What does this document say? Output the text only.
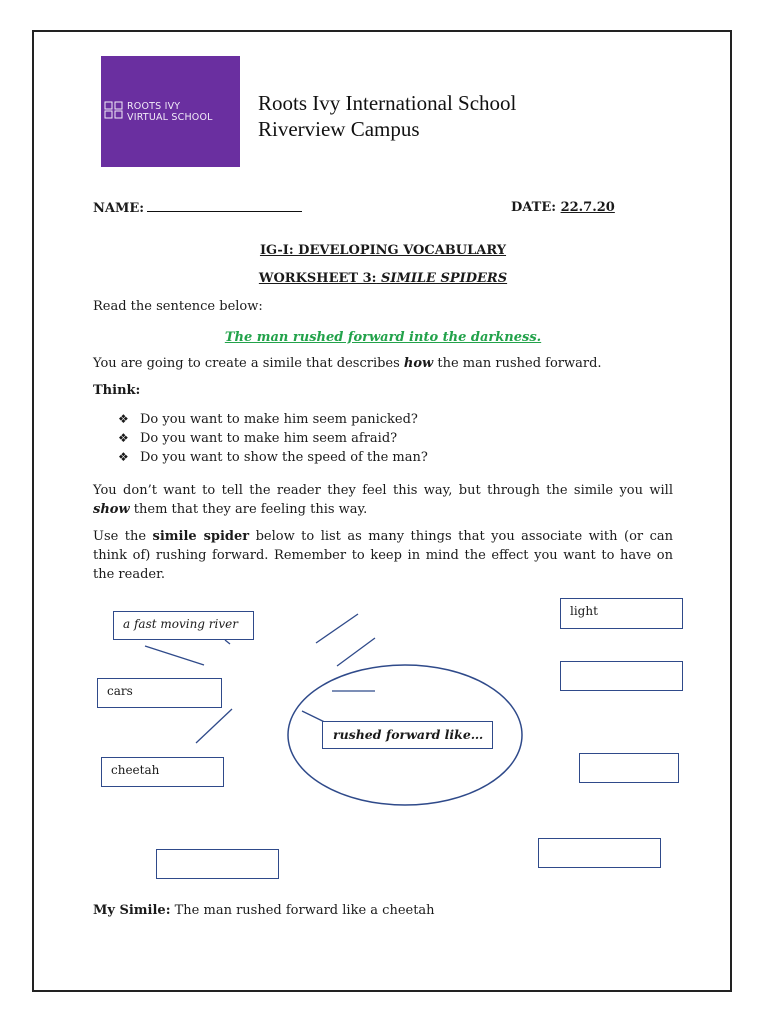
ROOTS IVY
VIRTUAL SCHOOL
Roots Ivy International School
Riverview Campus
NAME:	DATE: 22.7.20
IG-I: DEVELOPING VOCABULARY
WORKSHEET 3: SIMILE SPIDERS
Read the sentence below:
The man rushed forward into the darkness.
You are going to create a simile that describes how the man rushed forward.
Think:
❖ Do you want to make him seem panicked?
❖ Do you want to make him seem afraid?
❖ Do you want to show the speed of the man?
You don’t want to tell the reader they feel this way, but through the simile you will show them that they are feeling this way.
Use the simile spider below to list as many things that you associate with (or can think of) rushing forward. Remember to keep in mind the effect you want to have on the reader.
a fast moving river
cars
cheetah
light
rushed forward like…
My Simile: The man rushed forward like a cheetah
